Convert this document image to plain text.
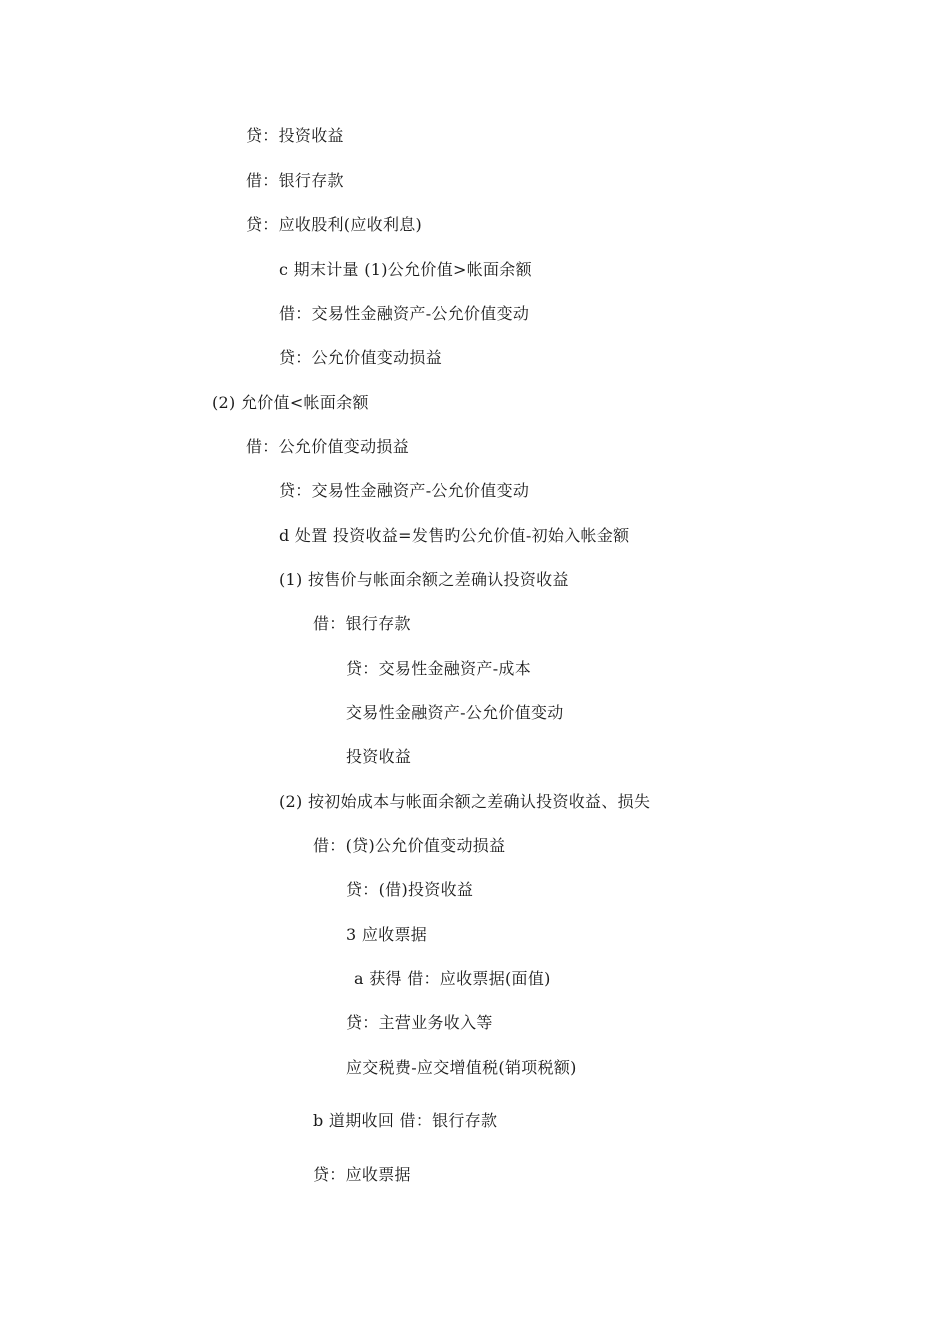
贷：投资收益

借：银行存款

贷：应收股利(应收利息)

c 期末计量 (1)公允价值>帐面余额

借：交易性金融资产-公允价值变动

贷：公允价值变动损益

(2) 允价值<帐面余额

借：公允价值变动损益

贷：交易性金融资产-公允价值变动

d 处置 投资收益=发售旳公允价值-初始入帐金额

(1) 按售价与帐面余额之差确认投资收益

借：银行存款

贷：交易性金融资产-成本

交易性金融资产-公允价值变动

投资收益

(2) 按初始成本与帐面余额之差确认投资收益、损失

借：(贷)公允价值变动损益

贷：(借)投资收益

3 应收票据

a 获得 借：应收票据(面值)

贷：主营业务收入等

应交税费-应交增值税(销项税额)

b 道期收回 借：银行存款

贷：应收票据
